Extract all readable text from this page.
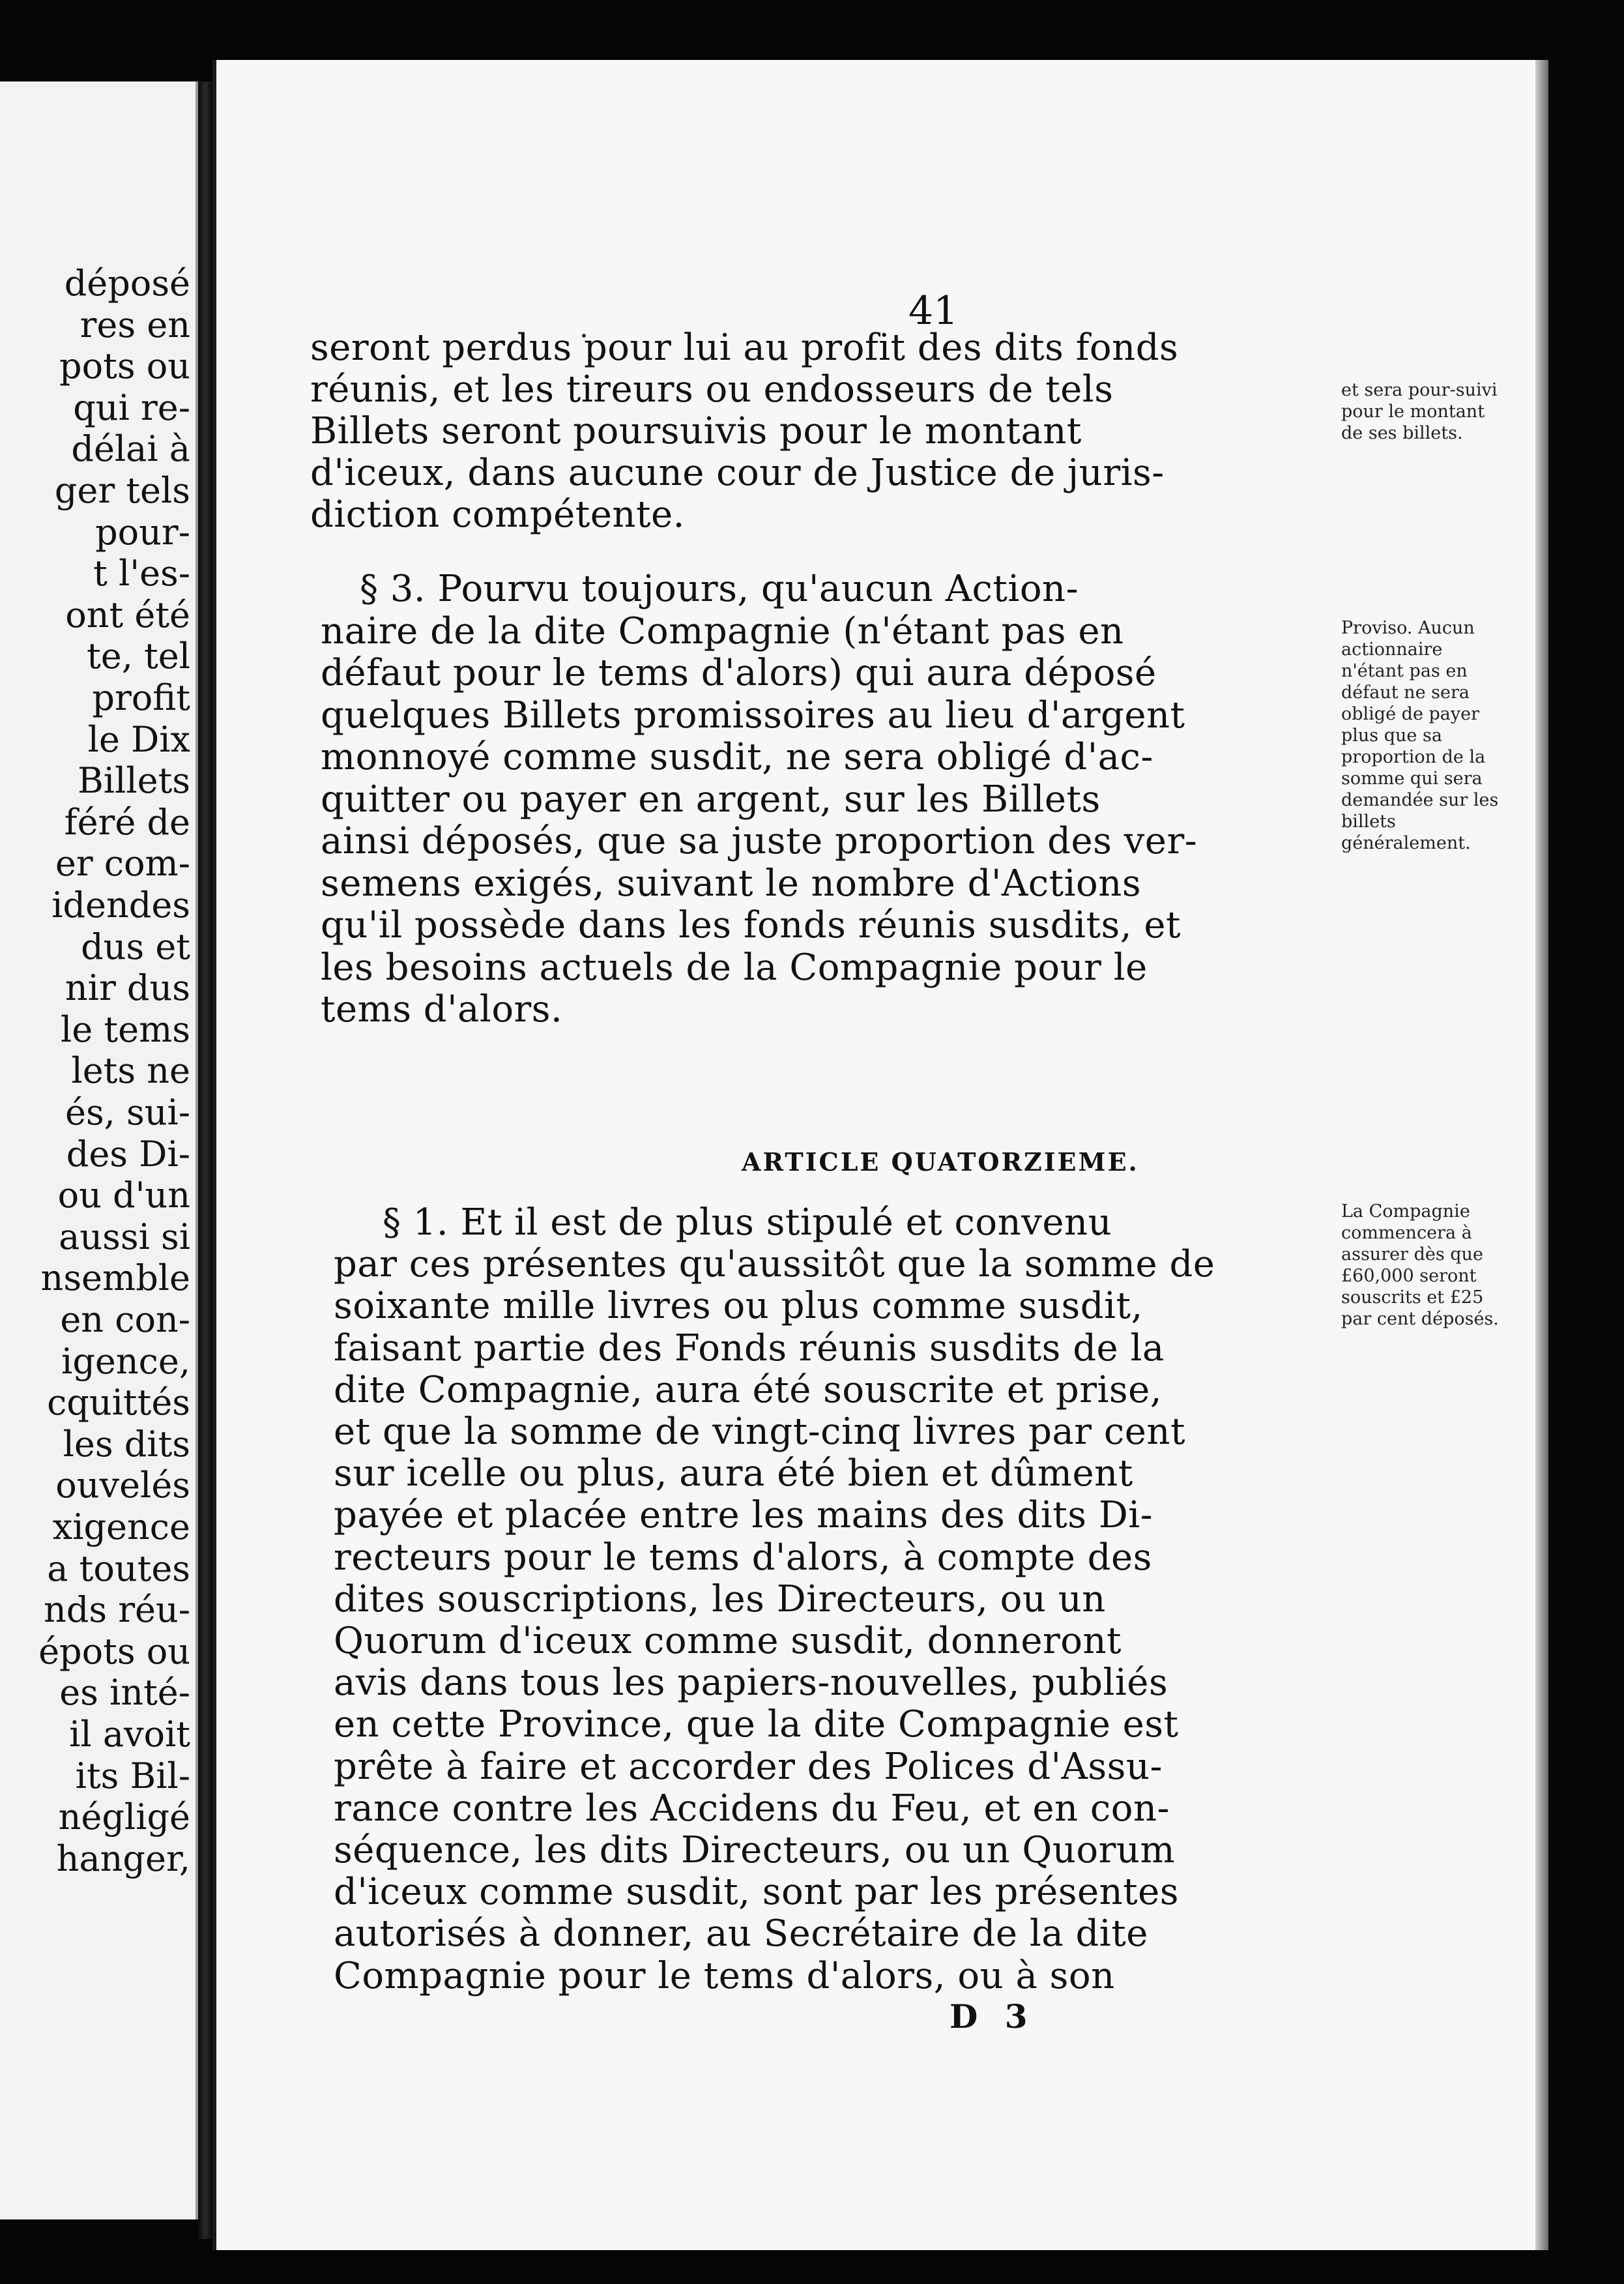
déposé
res en
pots ou
qui re-
délai à
ger tels
pour-
t l'es-
ont été
te, tel
profit
le Dix
Billets
féré de
er com-
idendes
dus et
nir dus
le tems
lets ne
és, sui-
des Di-
ou d'un
aussi si
nsemble
en con-
igence,
cquittés
les dits
ouvelés
xigence
a toutes
nds réu-
épots ou
es inté-
il avoit
its Bil-
négligé
hanger,
41
seront perdus pour lui au profit des dits fonds
réunis, et les tireurs ou endosseurs de tels
Billets seront poursuivis pour le montant
d'iceux, dans aucune cour de Justice de juris-
diction compétente.
et sera pour-suivi pour le montant de ses billets.
§ 3. Pourvu toujours, qu'aucun Action-
naire de la dite Compagnie (n'étant pas en
défaut pour le tems d'alors) qui aura déposé
quelques Billets promissoires au lieu d'argent
monnoyé comme susdit, ne sera obligé d'ac-
quitter ou payer en argent, sur les Billets
ainsi déposés, que sa juste proportion des ver-
semens exigés, suivant le nombre d'Actions
qu'il possède dans les fonds réunis susdits, et
les besoins actuels de la Compagnie pour le
tems d'alors.
Proviso. Aucun actionnaire n'étant pas en défaut ne sera obligé de payer plus que sa proportion de la somme qui sera demandée sur les billets généralement.
ARTICLE QUATORZIEME.
§ 1. Et il est de plus stipulé et convenu
par ces présentes qu'aussitôt que la somme de
soixante mille livres ou plus comme susdit,
faisant partie des Fonds réunis susdits de la
dite Compagnie, aura été souscrite et prise,
et que la somme de vingt-cinq livres par cent
sur icelle ou plus, aura été bien et dûment
payée et placée entre les mains des dits Di-
recteurs pour le tems d'alors, à compte des
dites souscriptions, les Directeurs, ou un
Quorum d'iceux comme susdit, donneront
avis dans tous les papiers-nouvelles, publiés
en cette Province, que la dite Compagnie est
prête à faire et accorder des Polices d'Assu-
rance contre les Accidens du Feu, et en con-
séquence, les dits Directeurs, ou un Quorum
d'iceux comme susdit, sont par les présentes
autorisés à donner, au Secrétaire de la dite
Compagnie pour le tems d'alors, ou à son
La Compagnie commencera à assurer dès que £60,000 seront souscrits et £25 par cent déposés.
D 3
